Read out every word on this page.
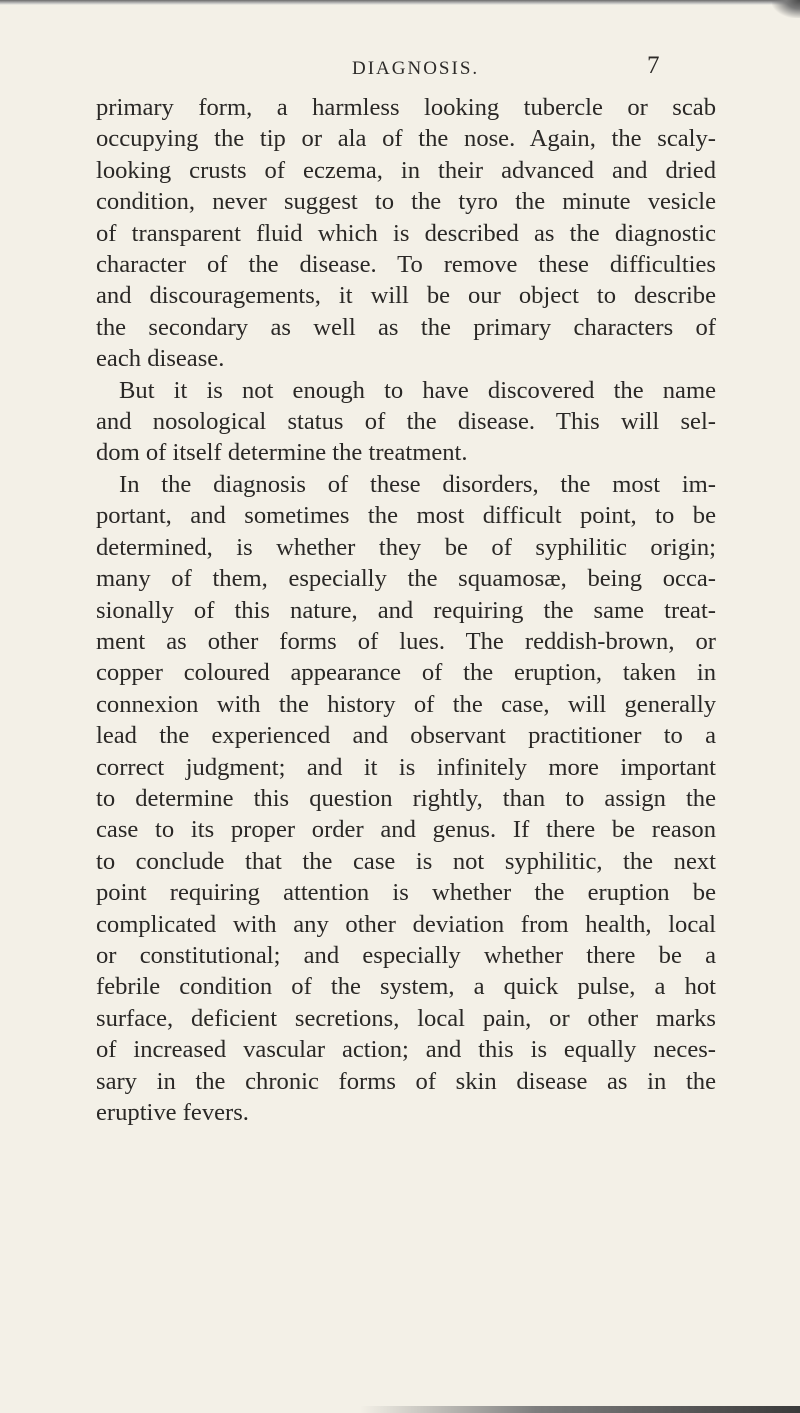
DIAGNOSIS.	7
primary form, a harmless looking tubercle or scab
occupying the tip or ala of the nose. Again, the scaly-
looking crusts of eczema, in their advanced and dried
condition, never suggest to the tyro the minute vesicle
of transparent fluid which is described as the diagnostic
character of the disease. To remove these difficulties
and discouragements, it will be our object to describe
the secondary as well as the primary characters of
each disease.
But it is not enough to have discovered the name
and nosological status of the disease. This will sel-
dom of itself determine the treatment.
In the diagnosis of these disorders, the most im-
portant, and sometimes the most difficult point, to be
determined, is whether they be of syphilitic origin;
many of them, especially the squamosæ, being occa-
sionally of this nature, and requiring the same treat-
ment as other forms of lues. The reddish-brown, or
copper coloured appearance of the eruption, taken in
connexion with the history of the case, will generally
lead the experienced and observant practitioner to a
correct judgment; and it is infinitely more important
to determine this question rightly, than to assign the
case to its proper order and genus. If there be reason
to conclude that the case is not syphilitic, the next
point requiring attention is whether the eruption be
complicated with any other deviation from health, local
or constitutional; and especially whether there be a
febrile condition of the system, a quick pulse, a hot
surface, deficient secretions, local pain, or other marks
of increased vascular action; and this is equally neces-
sary in the chronic forms of skin disease as in the
eruptive fevers.
